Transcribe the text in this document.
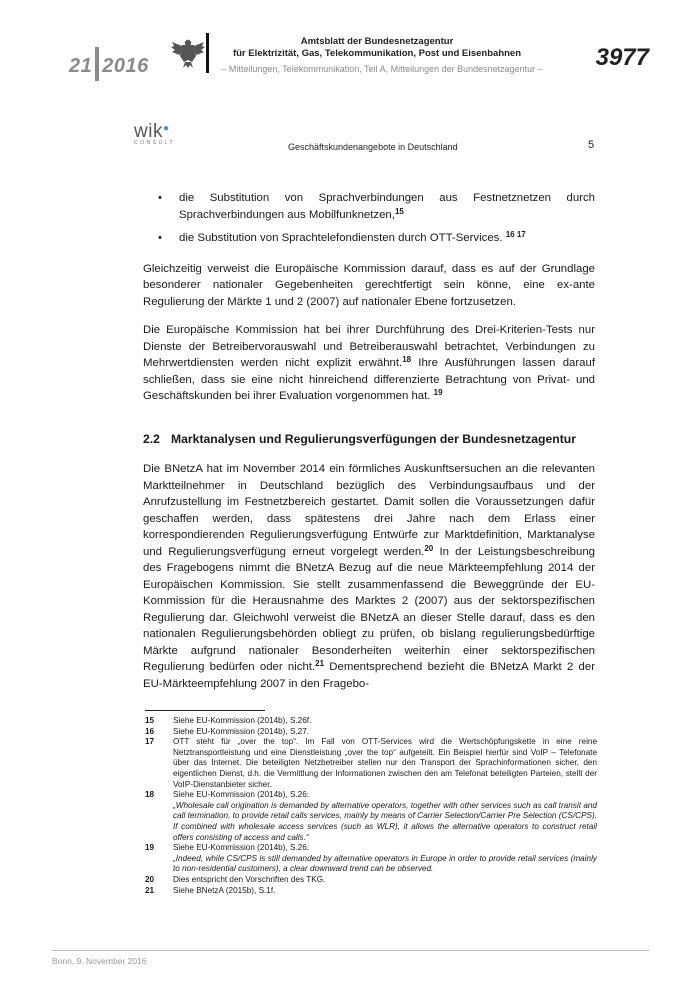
21 2016
Amtsblatt der Bundesnetzagentur
für Elektrizität, Gas, Telekommunikation, Post und Eisenbahnen
– Mitteilungen, Telekommunikation, Teil A, Mitteilungen der Bundesnetzagentur –	3977
wik●
CONSULT	Geschäftskundenangebote in Deutschland	5
• die Substitution von Sprachverbindungen aus Festnetznetzen durch Sprachverbindungen aus Mobilfunknetzen,$^{15}$
• die Substitution von Sprachtelefondiensten durch OTT-Services. $^{16 17}$

Gleichzeitig verweist die Europäische Kommission darauf, dass es auf der Grundlage besonderer nationaler Gegebenheiten gerechtfertigt sein könne, eine ex-ante Regulierung der Märkte 1 und 2 (2007) auf nationaler Ebene fortzusetzen.

Die Europäische Kommission hat bei ihrer Durchführung des Drei-Kriterien-Tests nur Dienste der Betreibervorauswahl und Betreiberauswahl betrachtet, Verbindungen zu Mehrwertdiensten werden nicht explizit erwähnt.$^{18}$ Ihre Ausführungen lassen darauf schließen, dass sie eine nicht hinreichend differenzierte Betrachtung von Privat- und Geschäftskunden bei ihrer Evaluation vorgenommen hat. $^{19}$

2.2 Marktanalysen und Regulierungsverfügungen der Bundesnetzagentur

Die BNetzA hat im November 2014 ein förmliches Auskunftsersuchen an die relevanten Marktteilnehmer in Deutschland bezüglich des Verbindungsaufbaus und der Anrufzustellung im Festnetzbereich gestartet. Damit sollen die Voraussetzungen dafür geschaffen werden, dass spätestens drei Jahre nach dem Erlass einer korrespondierenden Regulierungsverfügung Entwürfe zur Marktdefinition, Marktanalyse und Regulierungsverfügung erneut vorgelegt werden.$^{20}$ In der Leistungsbeschreibung des Fragebogens nimmt die BNetzA Bezug auf die neue Märkteempfehlung 2014 der Europäischen Kommission. Sie stellt zusammenfassend die Beweggründe der EU- Kommission für die Herausnahme des Marktes 2 (2007) aus der sektorspezifischen Regulierung dar. Gleichwohl verweist die BNetzA an dieser Stelle darauf, dass es den nationalen Regulierungsbehörden obliegt zu prüfen, ob bislang regulierungsbedürftige Märkte aufgrund nationaler Besonderheiten weiterhin einer sektorspezifischen Regulierung bedürfen oder nicht.$^{21}$ Dementsprechend bezieht die BNetzA Markt 2 der EU-Märkteempfehlung 2007 in den Fragebo-

15	Siehe EU-Kommission (2014b), S.26f.
16	Siehe EU-Kommission (2014b), S.27.
17	OTT steht für „over the top“. Im Fall von OTT-Services wird die Wertschöpfungskette in eine reine Netztransportleistung und eine Dienstleistung „over the top“ aufgeteilt. Ein Beispiel hierfür sind VoIP – Telefonate über das Internet. Die beteiligten Netzbetreiber stellen nur den Transport der Sprachinformationen sicher, den eigentlichen Dienst, d.h. die Vermittlung der Informationen zwischen den am Telefonat beteiligten Parteien, stellt der VoIP-Dienstanbieter sicher.
18	Siehe EU-Kommission (2014b), S.26:
„Wholesale call origination is demanded by alternative operators, together with other services such as call transit and call termination, to provide retail calls services, mainly by means of Carrier Selection/Carrier Pre Selection (CS/CPS). If combined with wholesale access services (such as WLR), it allows the alternative operators to construct retail offers consisting of access and calls.“
19	Siehe EU-Kommission (2014b), S.26:
„Indeed, while CS/CPS is still demanded by alternative operators in Europe in order to provide retail services (mainly to non-residential customers), a clear downward trend can be observed.
20	Dies entspricht den Vorschriften des TKG.
21	Siehe BNetzA (2015b), S.1f.
Bonn, 9. November 2016
